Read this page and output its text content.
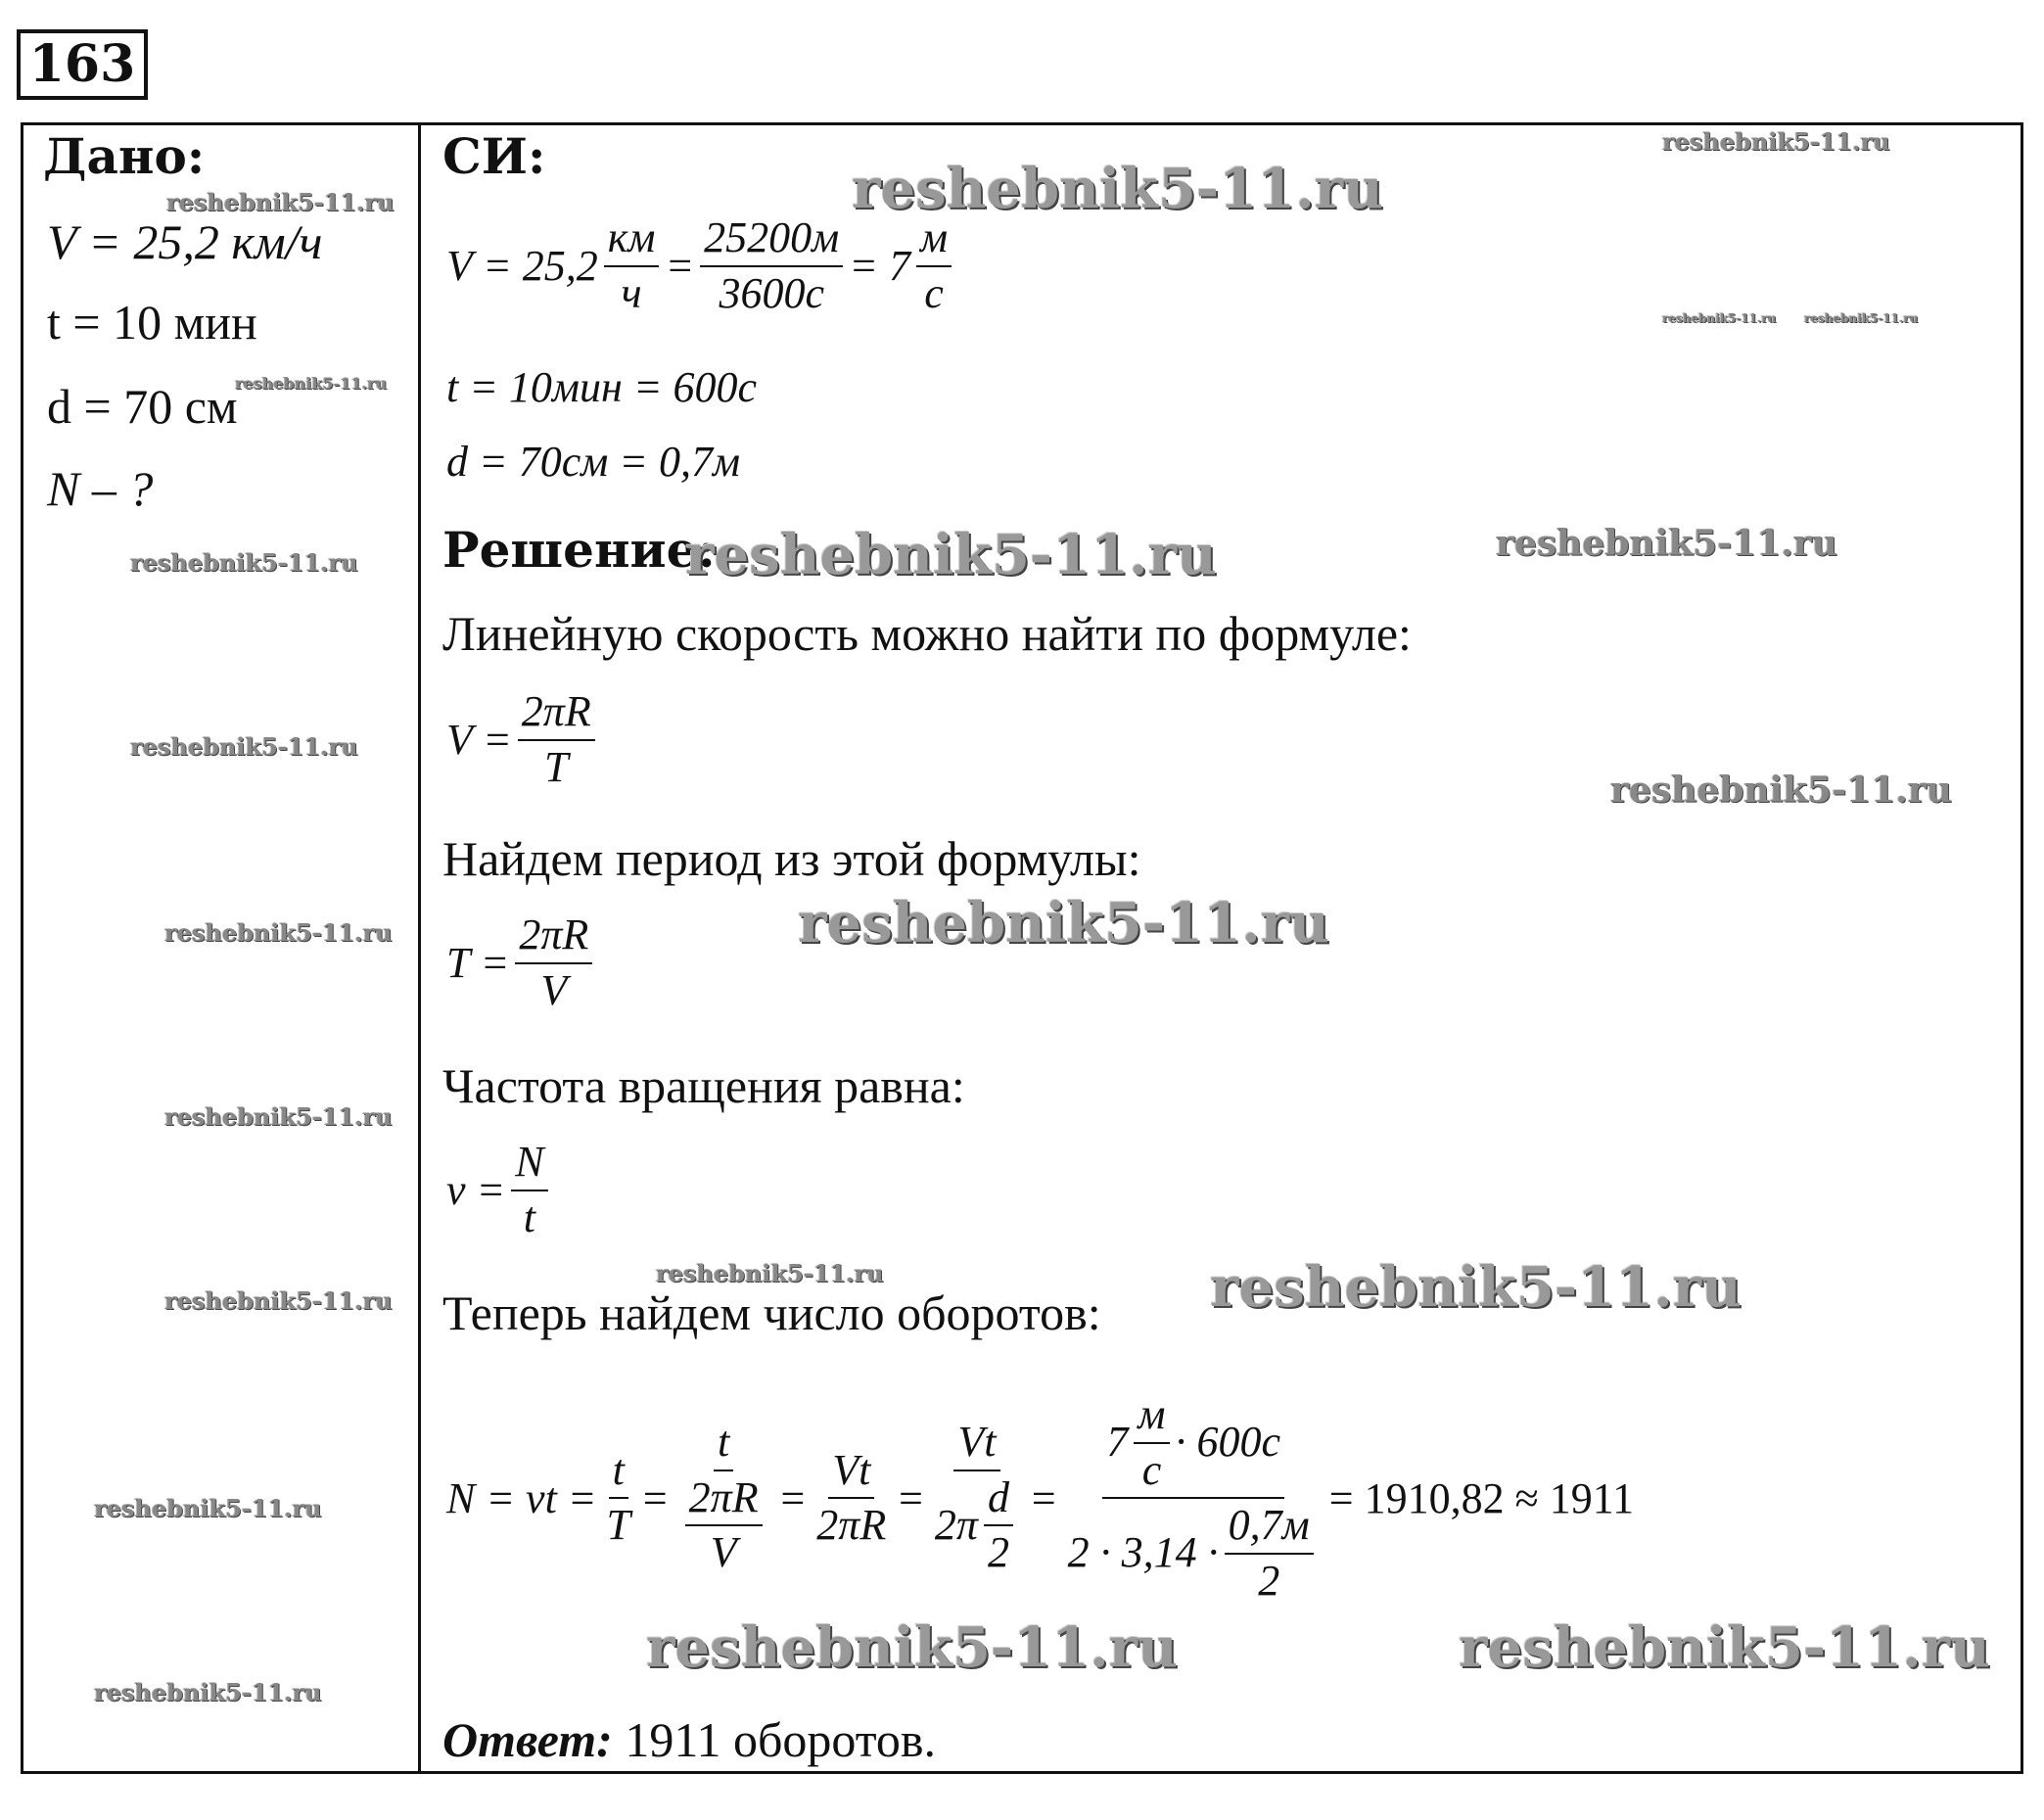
163
Дано:
V = 25,2 км/ч
t = 10 мин
d = 70 см
N – ?
СИ:
$V = 25,2 \frac{км}{ч} = \frac{25200м}{3600с} = 7 \frac{м}{с}$
t = 10мин = 600с
d = 70см = 0,7м
Решение:
Линейную скорость можно найти по формуле:
$V = \frac{2\pi R}{T}$
Найдем период из этой формулы:
$T = \frac{2\pi R}{V}$
Частота вращения равна:
$\nu = \frac{N}{t}$
Теперь найдем число оборотов:
$N = \nu t = \frac{t}{T} = \frac{t}{\frac{2\pi R}{V}} = \frac{Vt}{2\pi R} = \frac{Vt}{2\pi \frac{d}{2}} = \frac{7 \frac{м}{с} \cdot 600с}{2 \cdot 3,14 \cdot \frac{0,7м}{2}} = 1910,82 \approx 1911$
Ответ: 1911 оборотов.
reshebnik5-11.ru
reshebnik5-11.ru
reshebnik5-11.ru
reshebnik5-11.ru reshebnik5-11.ru
reshebnik5-11.ru
reshebnik5-11.ru	reshebnik5-11.ru	reshebnik5-11.ru
reshebnik5-11.ru
reshebnik5-11.ru
reshebnik5-11.ru
reshebnik5-11.ru
reshebnik5-11.ru
reshebnik5-11.ru	reshebnik5-11.ru
reshebnik5-11.ru
reshebnik5-11.ru
reshebnik5-11.ru	reshebnik5-11.ru
reshebnik5-11.ru
